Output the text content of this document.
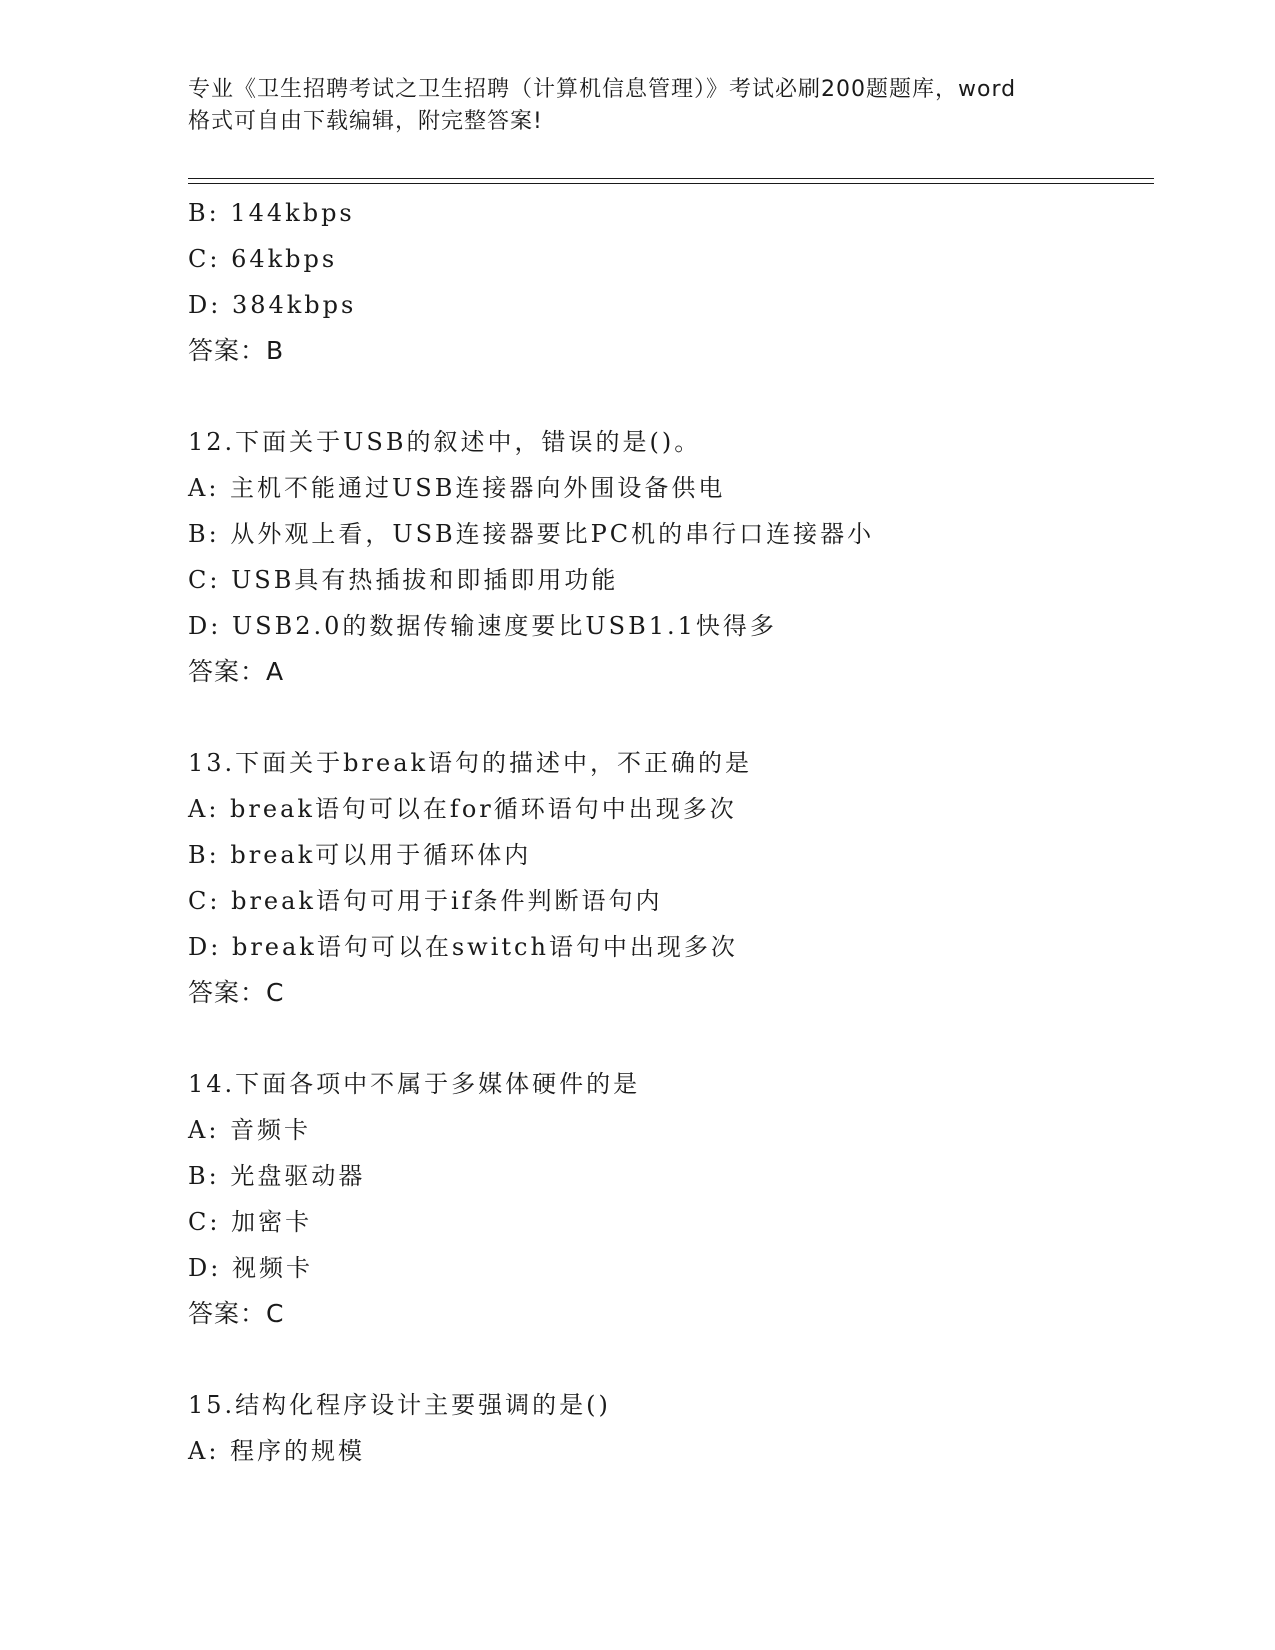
专业《卫生招聘考试之卫生招聘（计算机信息管理）》考试必刷200题题库，word
格式可自由下载编辑，附完整答案!
B: 144kbps
C: 64kbps
D: 384kbps
答案：B
12.下面关于USB的叙述中，错误的是()。
A: 主机不能通过USB连接器向外围设备供电
B: 从外观上看，USB连接器要比PC机的串行口连接器小
C: USB具有热插拔和即插即用功能
D: USB2.0的数据传输速度要比USB1.1快得多
答案：A
13.下面关于break语句的描述中，不正确的是
A: break语句可以在for循环语句中出现多次
B: break可以用于循环体内
C: break语句可用于if条件判断语句内
D: break语句可以在switch语句中出现多次
答案：C
14.下面各项中不属于多媒体硬件的是
A: 音频卡
B: 光盘驱动器
C: 加密卡
D: 视频卡
答案：C
15.结构化程序设计主要强调的是()
A: 程序的规模
